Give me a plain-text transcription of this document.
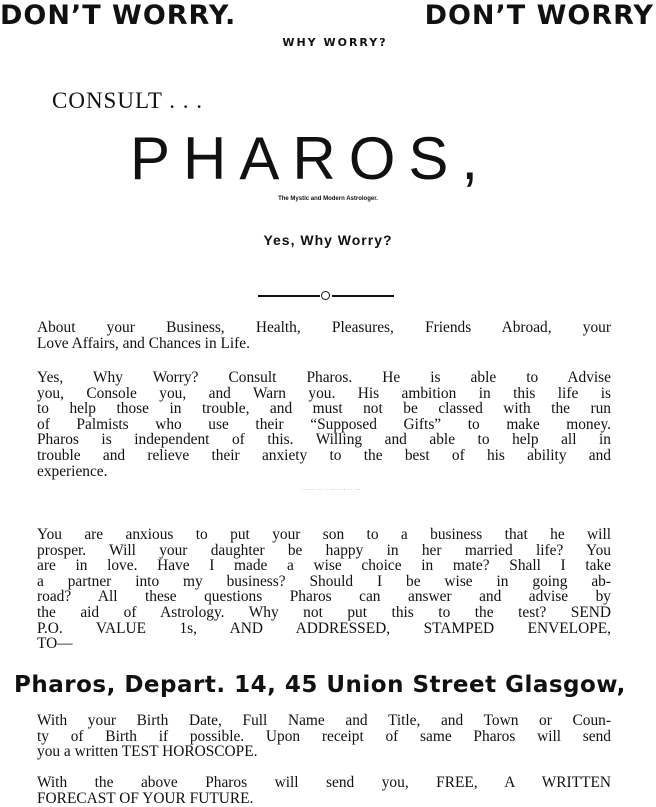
DON’T WORRY.	DON’T WORRY
WHY WORRY?
CONSULT . . .
PHAROS,
The Mystic and Modern Astrologer.
Yes, Why Worry?

About your Business, Health, Pleasures, Friends Abroad, your

Love Affairs, and Chances in Life.

Yes, Why Worry? Consult Pharos. He is able to Advise

you, Console you, and Warn you. His ambition in this life is

to help those in trouble, and must not be classed with the run

of Palmists who use their “Supposed Gifts” to make money.

Pharos is independent of this. Willing and able to help all in

trouble and relieve their anxiety to the best of his ability and

experience.

PHAROS HAS A MESSAGE TO YOU.

You are anxious to put your son to a business that he will

prosper. Will your daughter be happy in her married life? You

are in love. Have I made a wise choice in mate? Shall I take

a partner into my business? Should I be wise in going ab-

road? All these questions Pharos can answer and advise by

the aid of Astrology. Why not put this to the test? SEND

P.O. VALUE 1s, AND ADDRESSED, STAMPED ENVELOPE,

TO—

Pharos, Depart. 14, 45 Union Street Glasgow,

With your Birth Date, Full Name and Title, and Town or Coun-

ty of Birth if possible. Upon receipt of same Pharos will send

you a written TEST HOROSCOPE.

With the above Pharos will send you, FREE, A WRITTEN

FORECAST OF YOUR FUTURE.
